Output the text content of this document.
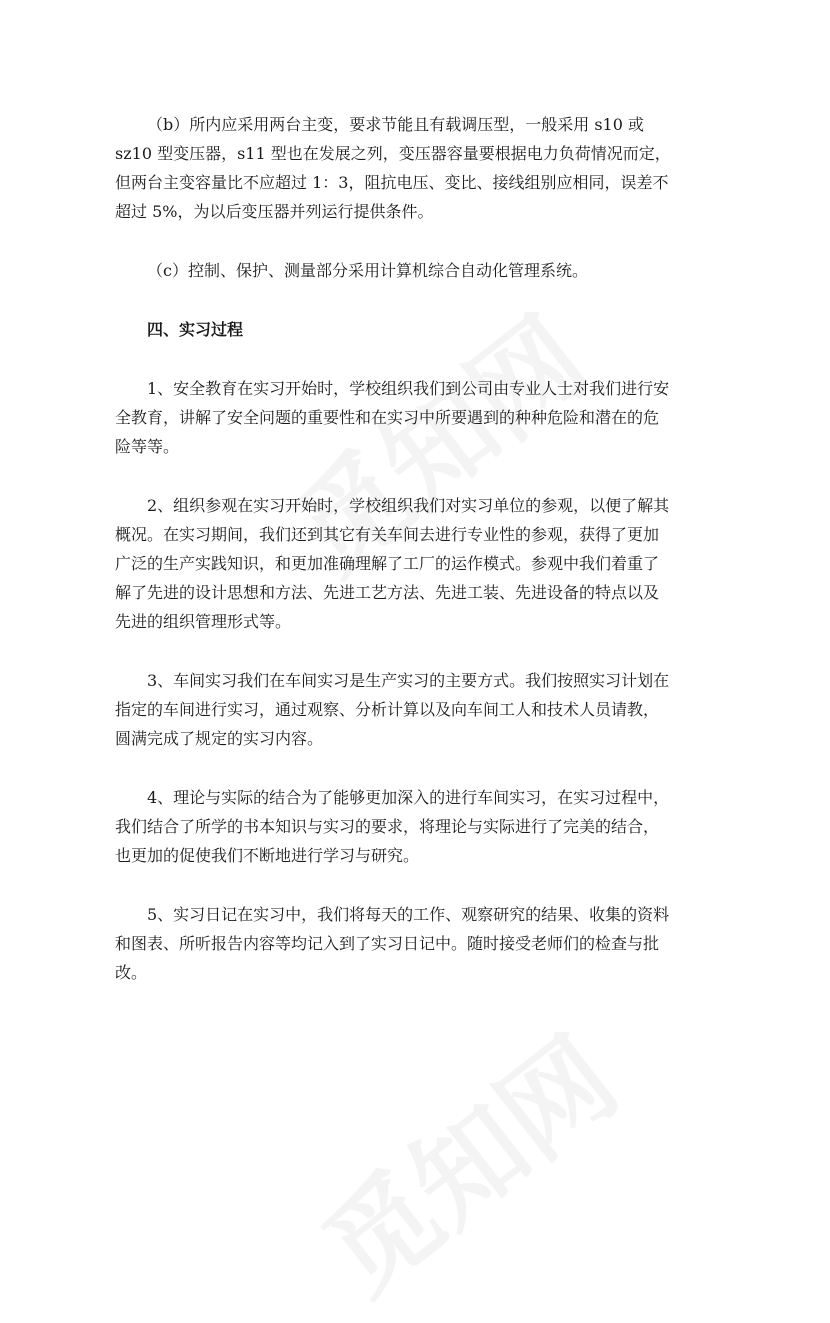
（b）所内应采用两台主变，要求节能且有载调压型，一般采用 s10 或
sz10 型变压器，s11 型也在发展之列，变压器容量要根据电力负荷情况而定，
但两台主变容量比不应超过 1：3，阻抗电压、变比、接线组别应相同，误差不
超过 5%，为以后变压器并列运行提供条件。

（c）控制、保护、测量部分采用计算机综合自动化管理系统。

四、实习过程

1、安全教育在实习开始时，学校组织我们到公司由专业人士对我们进行安
全教育，讲解了安全问题的重要性和在实习中所要遇到的种种危险和潜在的危
险等等。

2、组织参观在实习开始时，学校组织我们对实习单位的参观，以便了解其
概况。在实习期间，我们还到其它有关车间去进行专业性的参观，获得了更加
广泛的生产实践知识，和更加准确理解了工厂的运作模式。参观中我们着重了
解了先进的设计思想和方法、先进工艺方法、先进工装、先进设备的特点以及
先进的组织管理形式等。

3、车间实习我们在车间实习是生产实习的主要方式。我们按照实习计划在
指定的车间进行实习，通过观察、分析计算以及向车间工人和技术人员请教，
圆满完成了规定的实习内容。

4、理论与实际的结合为了能够更加深入的进行车间实习，在实习过程中，
我们结合了所学的书本知识与实习的要求，将理论与实际进行了完美的结合，
也更加的促使我们不断地进行学习与研究。

5、实习日记在实习中，我们将每天的工作、观察研究的结果、收集的资料
和图表、所听报告内容等均记入到了实习日记中。随时接受老师们的检查与批
改。
